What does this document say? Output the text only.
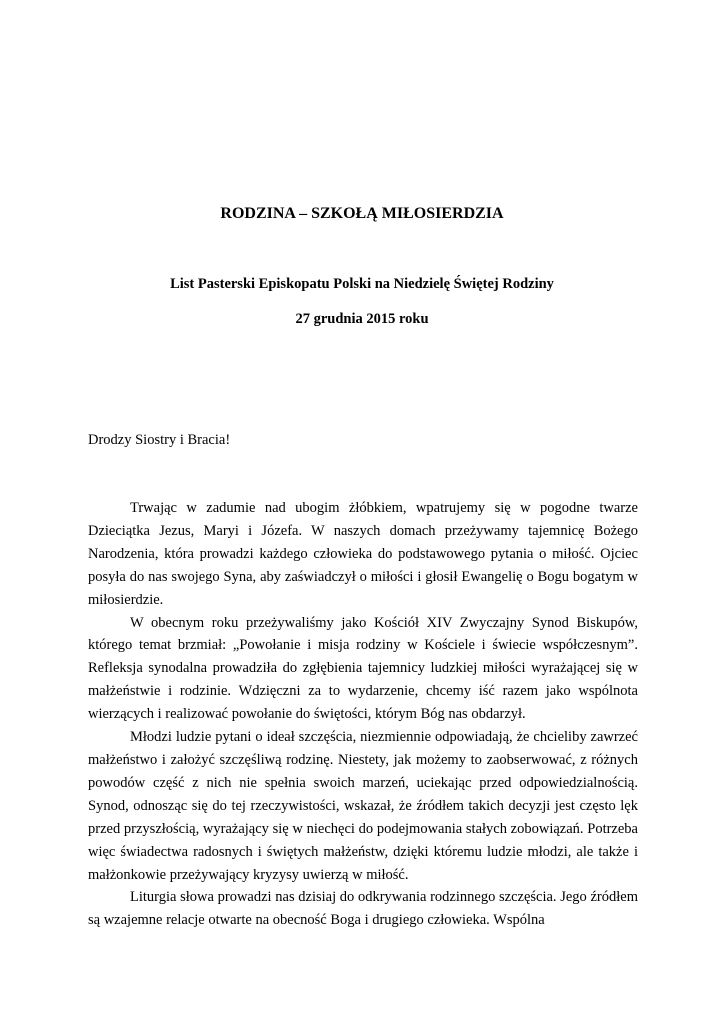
RODZINA – SZKOŁĄ MIŁOSIERDZIA
List Pasterski Episkopatu Polski na Niedzielę Świętej Rodziny
27 grudnia 2015 roku
Drodzy Siostry i Bracia!

Trwając w zadumie nad ubogim żłóbkiem, wpatrujemy się w pogodne twarze Dzieciątka Jezus, Maryi i Józefa. W naszych domach przeżywamy tajemnicę Bożego Narodzenia, która prowadzi każdego człowieka do podstawowego pytania o miłość. Ojciec posyła do nas swojego Syna, aby zaświadczył o miłości i głosił Ewangelię o Bogu bogatym w miłosierdzie.

W obecnym roku przeżywaliśmy jako Kościół XIV Zwyczajny Synod Biskupów, którego temat brzmiał: „Powołanie i misja rodziny w Kościele i świecie współczesnym”. Refleksja synodalna prowadziła do zgłębienia tajemnicy ludzkiej miłości wyrażającej się w małżeństwie i rodzinie. Wdzięczni za to wydarzenie, chcemy iść razem jako wspólnota wierzących i realizować powołanie do świętości, którym Bóg nas obdarzył.

Młodzi ludzie pytani o ideał szczęścia, niezmiennie odpowiadają, że chcieliby zawrzeć małżeństwo i założyć szczęśliwą rodzinę. Niestety, jak możemy to zaobserwować, z różnych powodów część z nich nie spełnia swoich marzeń, uciekając przed odpowiedzialnością. Synod, odnosząc się do tej rzeczywistości, wskazał, że źródłem takich decyzji jest często lęk przed przyszłością, wyrażający się w niechęci do podejmowania stałych zobowiązań. Potrzeba więc świadectwa radosnych i świętych małżeństw, dzięki któremu ludzie młodzi, ale także i małżonkowie przeżywający kryzysy uwierzą w miłość.

Liturgia słowa prowadzi nas dzisiaj do odkrywania rodzinnego szczęścia. Jego źródłem są wzajemne relacje otwarte na obecność Boga i drugiego człowieka. Wspólna
